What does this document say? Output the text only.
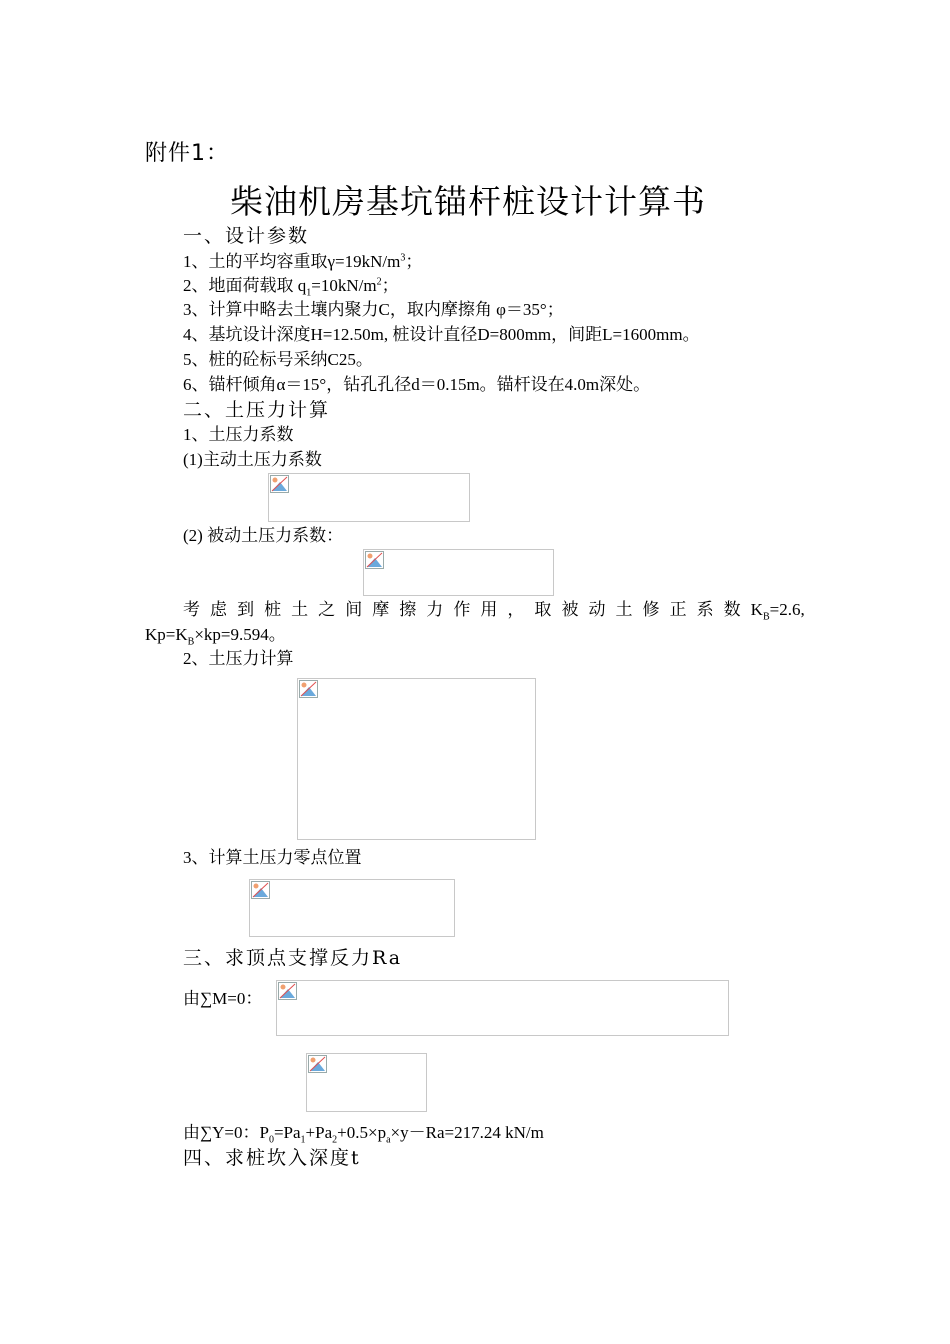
附件1：
柴油机房基坑锚杆桩设计计算书
一、设计参数
1、土的平均容重取$\gamma=19kN/m^3$；
2、地面荷载取 $q_1=10kN/m^2$；
3、计算中略去土壤内聚力C，取内摩擦角 φ＝35°；
4、基坑设计深度H=12.50m, 桩设计直径D=800mm，间距L=1600mm。
5、桩的砼标号采纳C25。
6、锚杆倾角α＝15°，钻孔孔径d＝0.15m。锚杆设在4.0m深处。
二、土压力计算
1、土压力系数
(1)主动土压力系数
(2) 被动土压力系数：
考 虑 到 桩 土 之 间 摩 擦 力 作 用 ， 取 被 动 土 修 正 系 数 $K_B=2.6$,
$Kp=K_B\times kp=9.594$。
2、土压力计算
3、计算土压力零点位置
三、求顶点支撑反力Ra
由∑M=0：
由∑Y=0：$P_0=Pa_1+Pa_2+0.5\times p_a\times y-Ra=217.24$ kN/m
四、求桩坎入深度t
